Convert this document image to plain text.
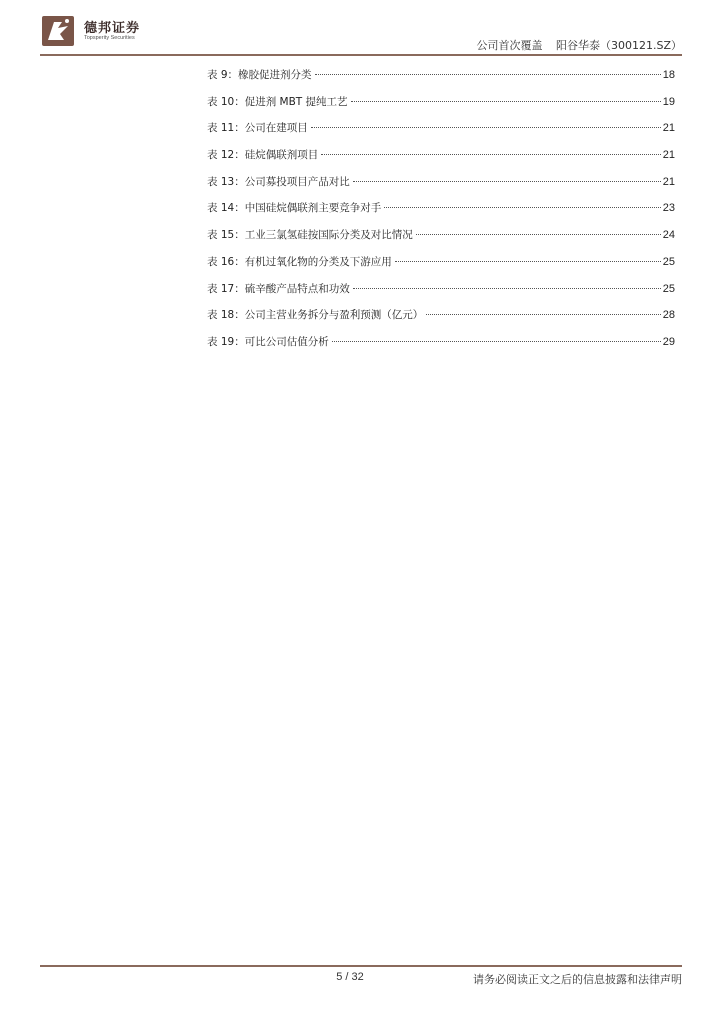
德邦证券
Topsperity Securities
公司首次覆盖 阳谷华泰（300121.SZ）
表 9：橡胶促进剂分类	18
表 10：促进剂 MBT 提纯工艺	19
表 11：公司在建项目	21
表 12：硅烷偶联剂项目	21
表 13：公司募投项目产品对比	21
表 14：中国硅烷偶联剂主要竞争对手	23
表 15：工业三氯氢硅按国际分类及对比情况	24
表 16：有机过氧化物的分类及下游应用	25
表 17：硫辛酸产品特点和功效	25
表 18：公司主营业务拆分与盈利预测（亿元）	28
表 19：可比公司估值分析	29
5 / 32	请务必阅读正文之后的信息披露和法律声明
